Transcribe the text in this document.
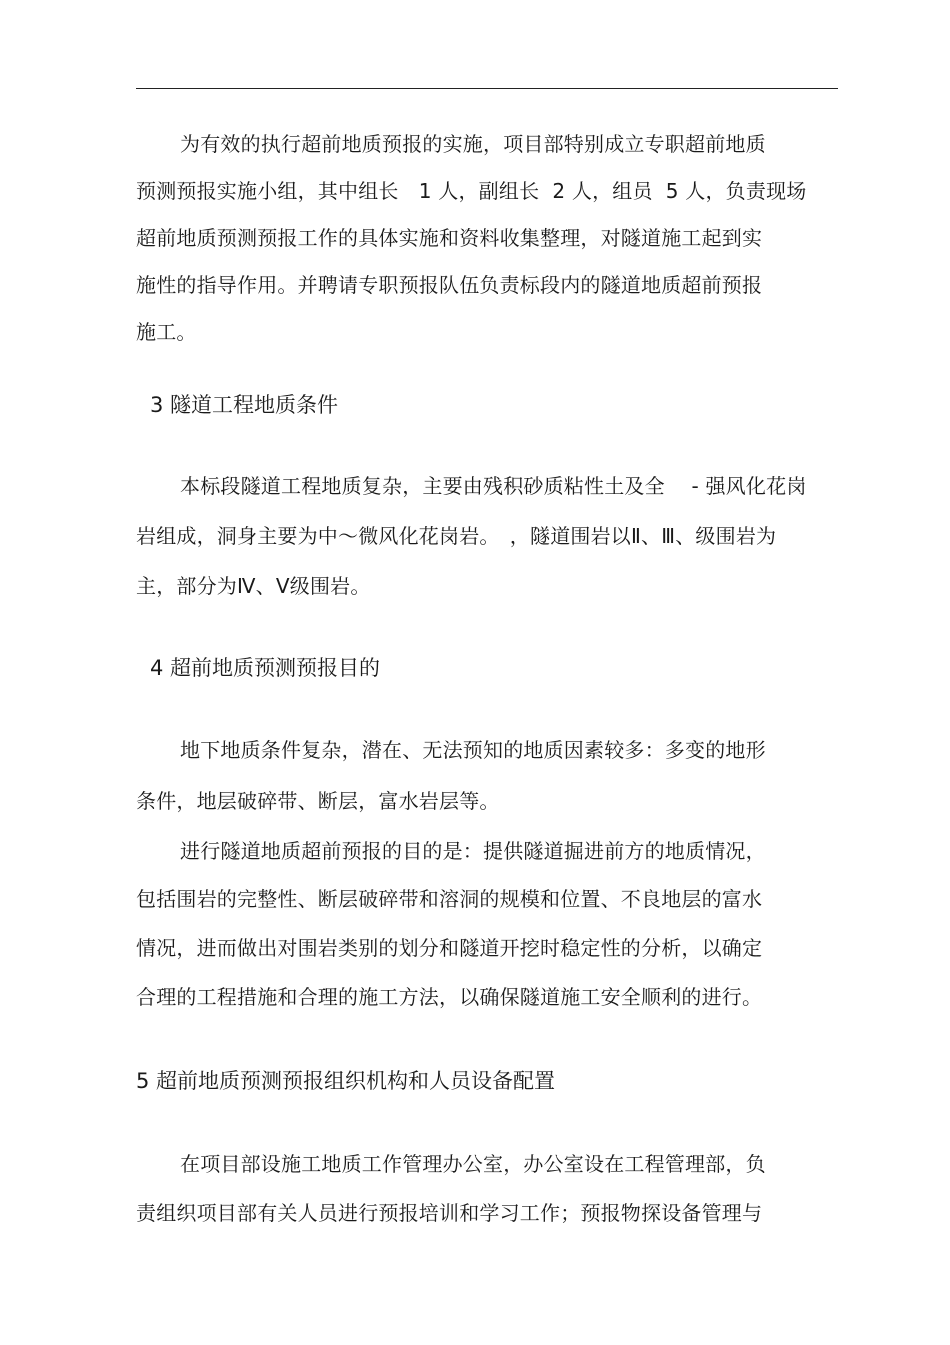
为有效的执行超前地质预报的实施，项目部特别成立专职超前地质
预测预报实施小组，其中组长　1 人，副组长  2 人，组员  5 人，负责现场
超前地质预测预报工作的具体实施和资料收集整理，对隧道施工起到实
施性的指导作用。并聘请专职预报队伍负责标段内的隧道地质超前预报
施工。
3 隧道工程地质条件
本标段隧道工程地质复杂，主要由残积砂质粘性土及全　 - 强风化花岗
岩组成，洞身主要为中～微风化花岗岩。　，隧道围岩以Ⅱ、Ⅲ、级围岩为
主，部分为Ⅳ、Ⅴ级围岩。
4 超前地质预测预报目的
地下地质条件复杂，潜在、无法预知的地质因素较多：多变的地形
条件，地层破碎带、断层，富水岩层等。
进行隧道地质超前预报的目的是：提供隧道掘进前方的地质情况，
包括围岩的完整性、断层破碎带和溶洞的规模和位置、不良地层的富水
情况，进而做出对围岩类别的划分和隧道开挖时稳定性的分析，以确定
合理的工程措施和合理的施工方法，以确保隧道施工安全顺利的进行。
5 超前地质预测预报组织机构和人员设备配置
在项目部设施工地质工作管理办公室，办公室设在工程管理部，负
责组织项目部有关人员进行预报培训和学习工作；预报物探设备管理与
